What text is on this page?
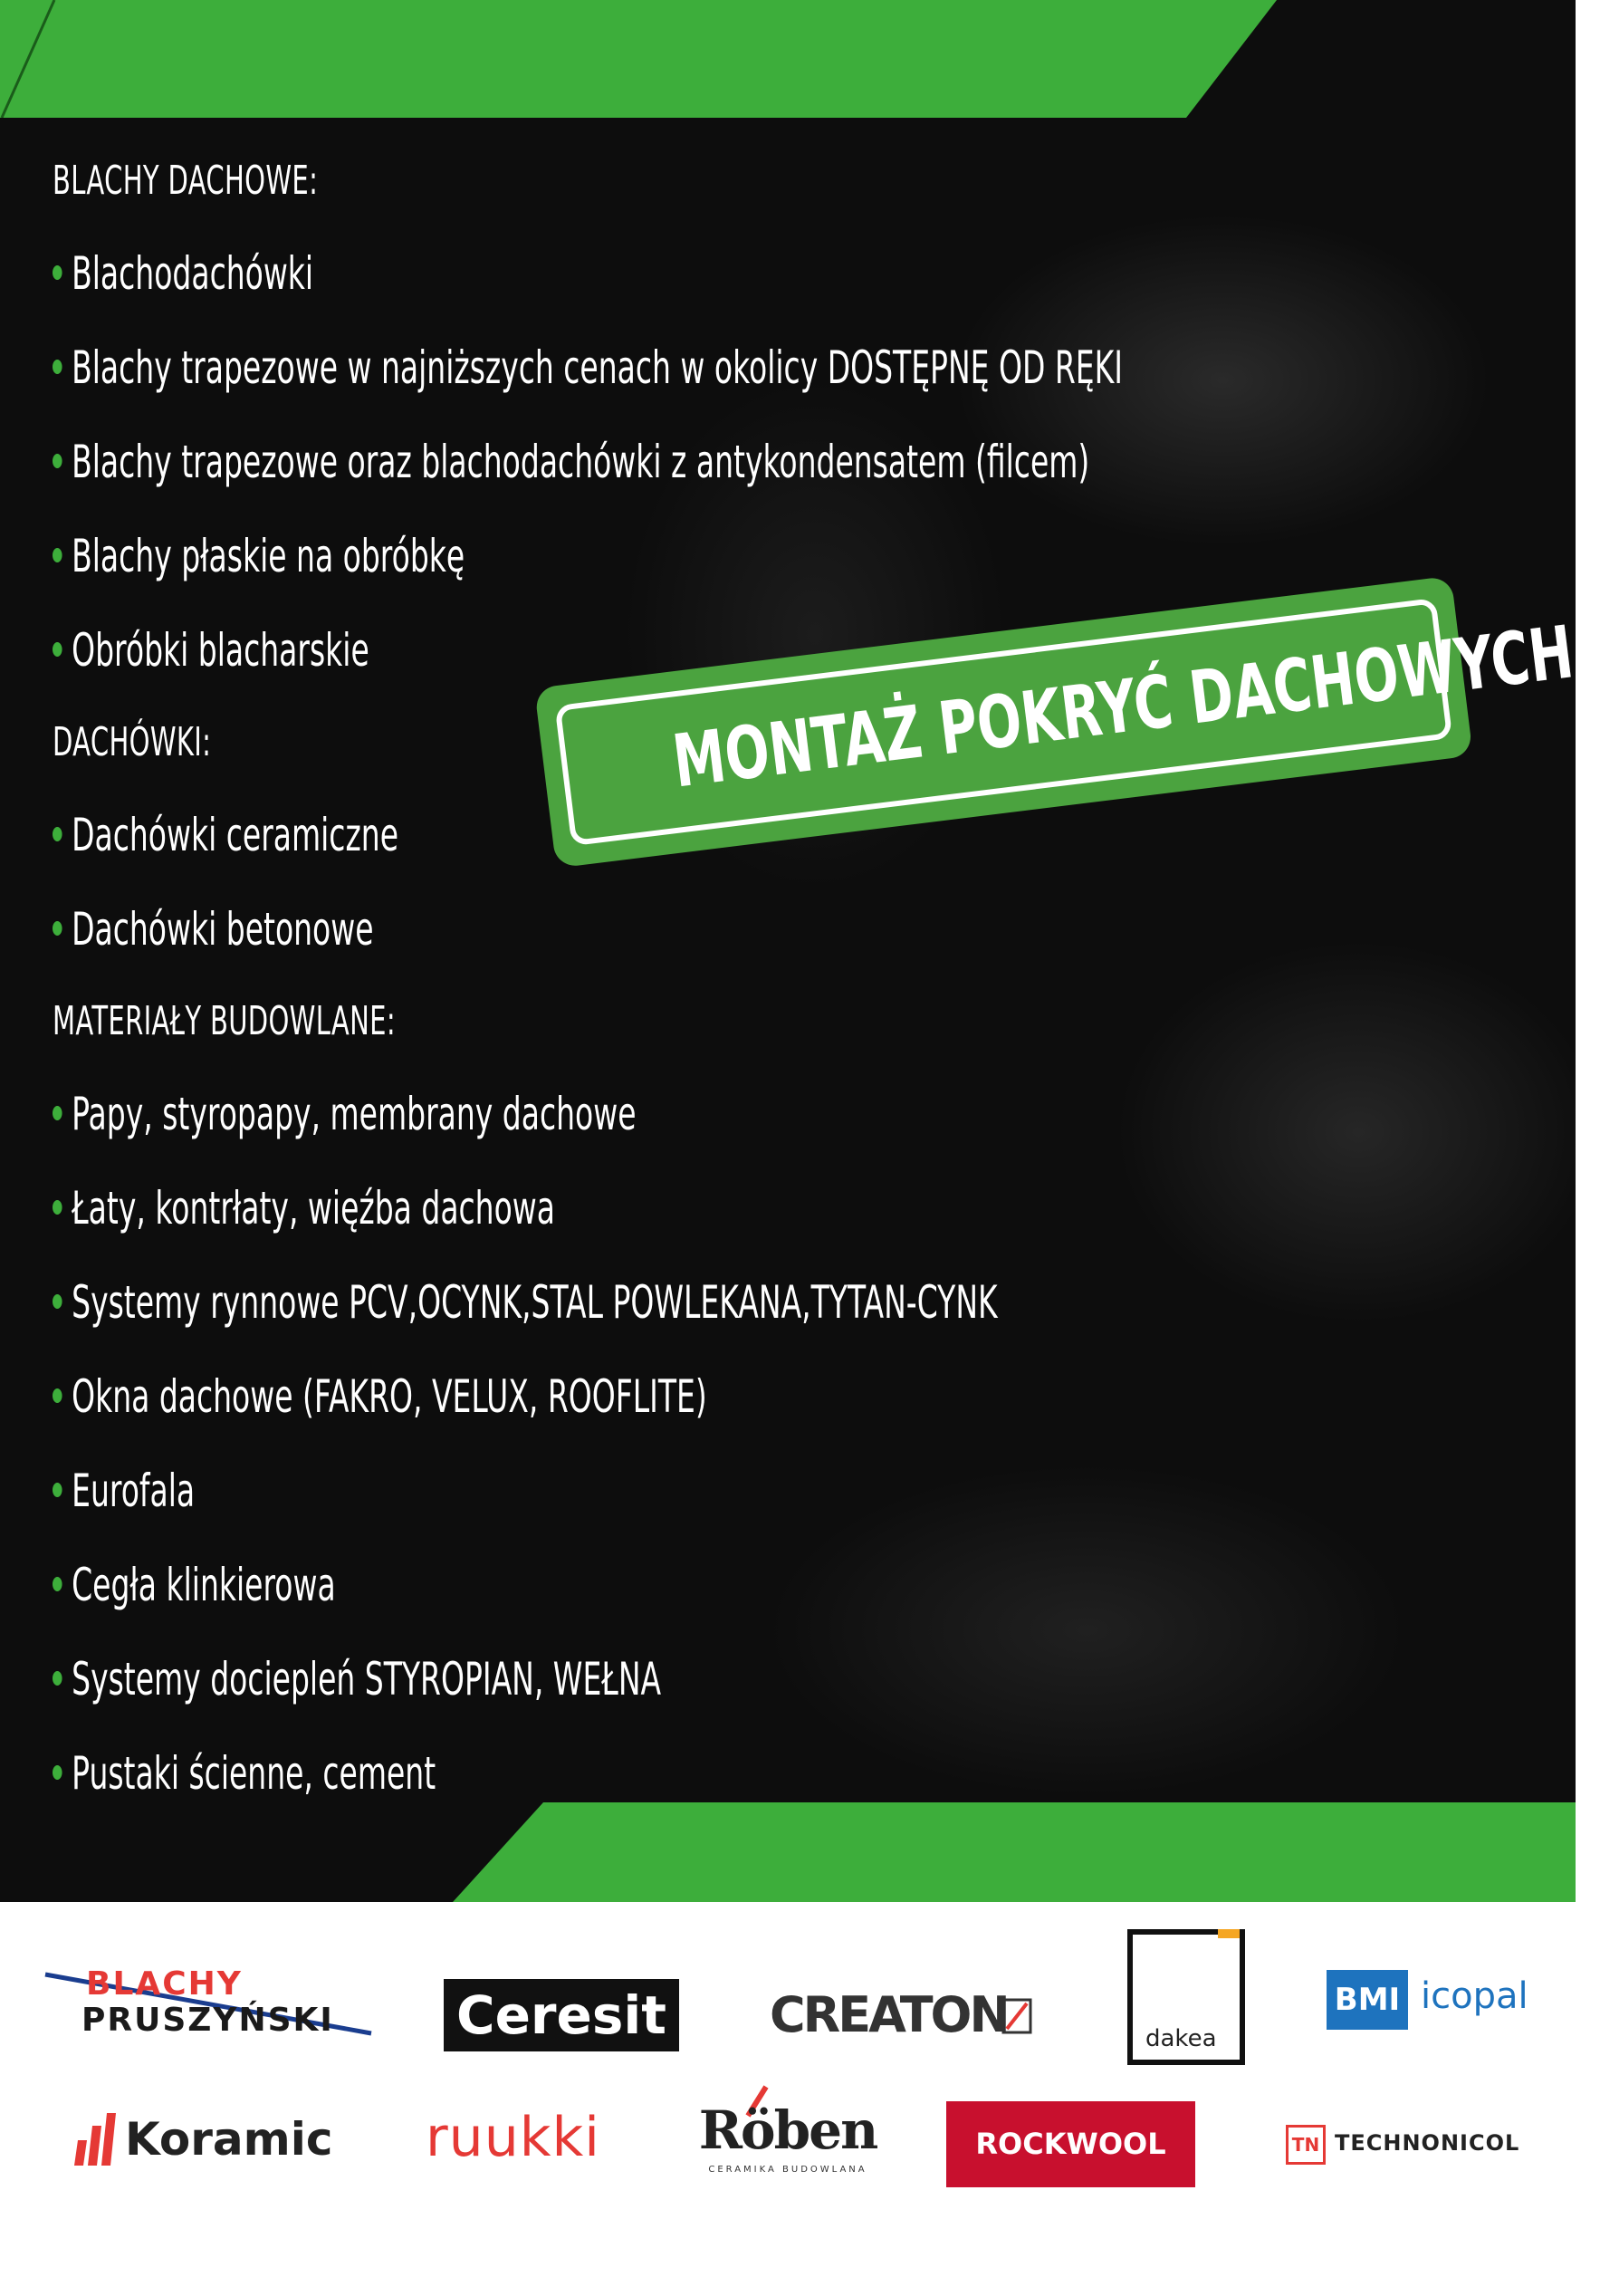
BLACHY DACHOWE:
Blachodachówki
Blachy trapezowe w najniższych cenach w okolicy DOSTĘPNĘ OD RĘKI
Blachy trapezowe oraz blachodachówki z antykondensatem (filcem)
Blachy płaskie na obróbkę
Obróbki blacharskie
DACHÓWKI:
Dachówki ceramiczne
Dachówki betonowe
MATERIAŁY BUDOWLANE:
Papy, styropapy, membrany dachowe
Łaty, kontrłaty, więźba dachowa
Systemy rynnowe PCV,OCYNK,STAL POWLEKANA,TYTAN-CYNK
Okna dachowe (FAKRO, VELUX, ROOFLITE)
Eurofala
Cegła klinkierowa
Systemy dociepleń STYROPIAN, WEŁNA
Pustaki ścienne, cement
MONTAŻ POKRYĆ DACHOWYCH
BLACHY
PRUSZYŃSKI Ceresit CREATON	dakea
BMI icopal
Koramic ruukki Röben
CERAMIKA BUDOWLANA
ROCKWOOL	TN TECHNONICOL
